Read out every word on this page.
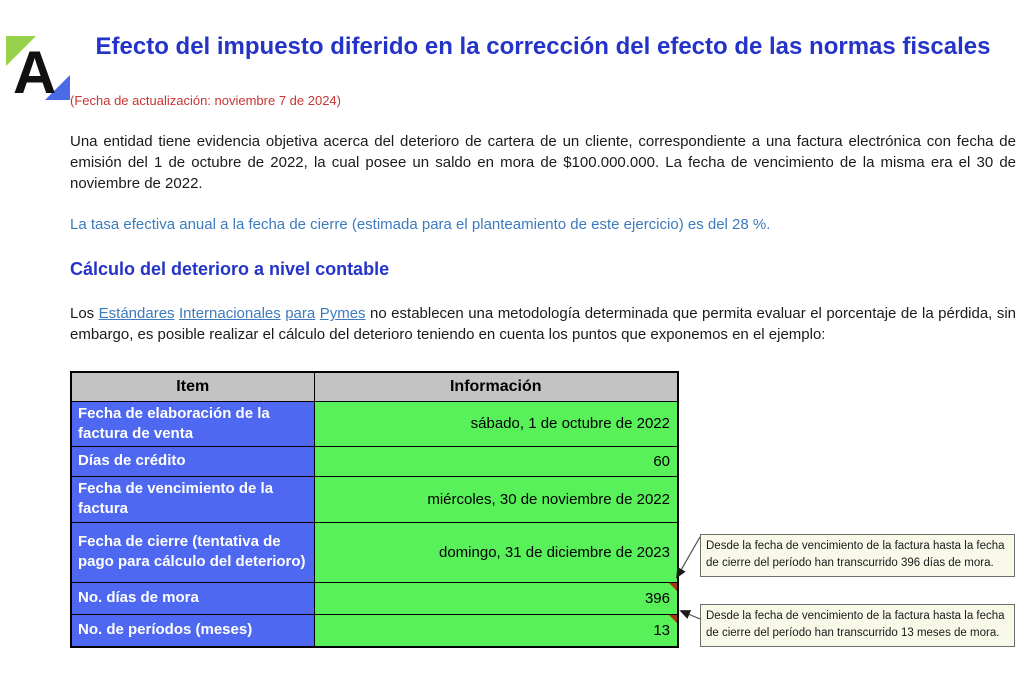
A	Efecto del impuesto diferido en la corrección del efecto de las normas fiscales

(Fecha de actualización: noviembre 7 de 2024)

Una entidad tiene evidencia objetiva acerca del deterioro de cartera de un cliente, correspondiente a una factura electrónica con fecha de emisión del 1 de octubre de 2022, la cual posee un saldo en mora de $100.000.000. La fecha de vencimiento de la misma era el 30 de noviembre de 2022.

La tasa efectiva anual a la fecha de cierre (estimada para el planteamiento de este ejercicio) es del 28 %.

Cálculo del deterioro a nivel contable

Los Estándares Internacionales para Pymes no establecen una metodología determinada que permita evaluar el porcentaje de la pérdida, sin embargo, es posible realizar el cálculo del deterioro teniendo en cuenta los puntos que exponemos en el ejemplo:

Item	Información
Fecha de elaboración de la factura de venta	sábado, 1 de octubre de 2022
Días de crédito	60
Fecha de vencimiento de la factura	miércoles, 30 de noviembre de 2022
Fecha de cierre (tentativa de pago para cálculo del deterioro)	domingo, 31 de diciembre de 2023
No. días de mora	396

No. de períodos (meses)	13
Desde la fecha de vencimiento de la factura hasta la fecha de cierre del período han transcurrido 396 días de mora.
Desde la fecha de vencimiento de la factura hasta la fecha de cierre del período han transcurrido 13 meses de mora.
